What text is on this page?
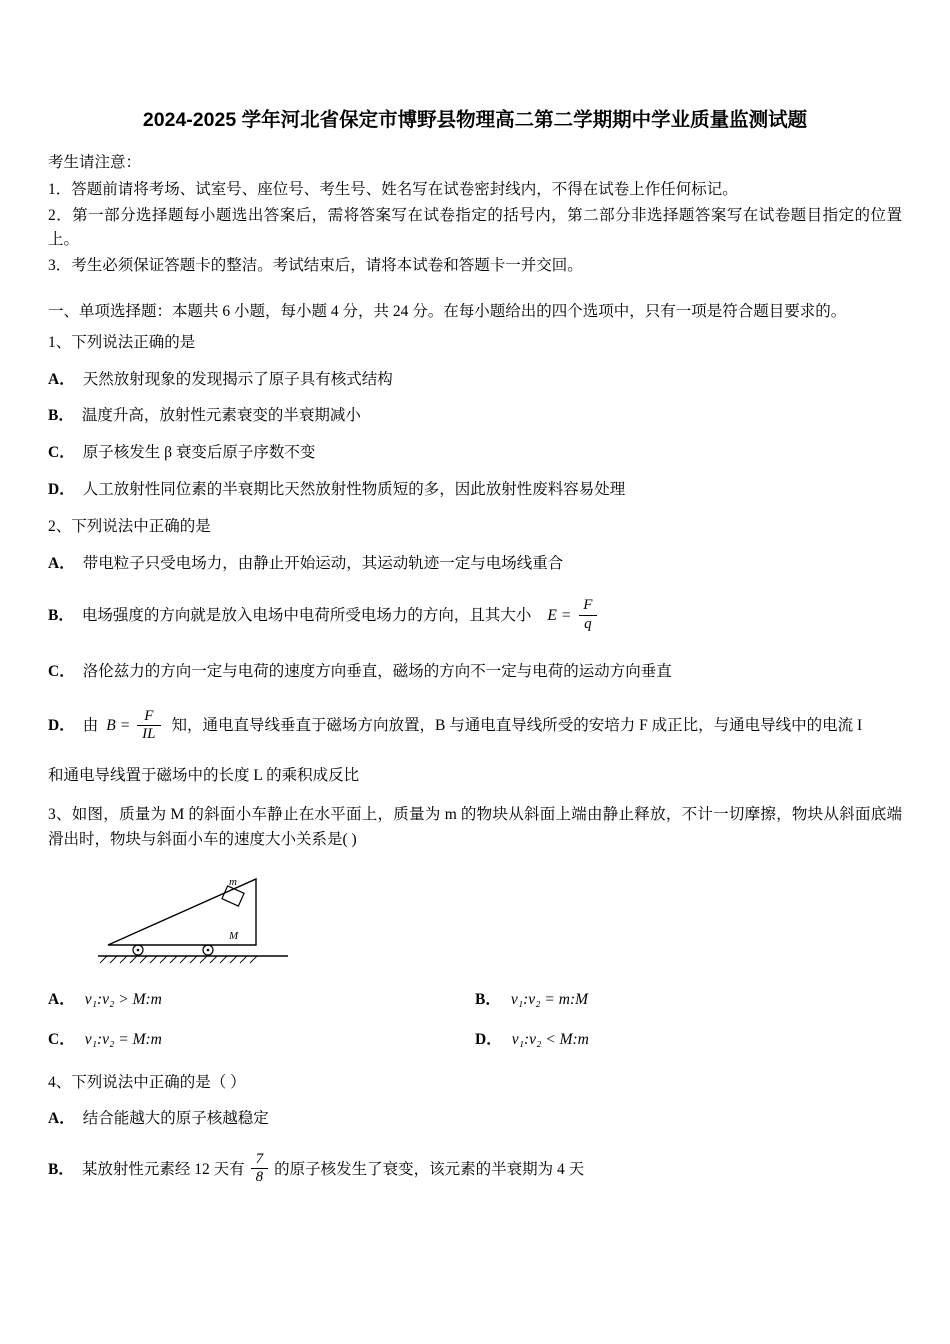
2024-2025 学年河北省保定市博野县物理高二第二学期期中学业质量监测试题
考生请注意：
1．答题前请将考场、试室号、座位号、考生号、姓名写在试卷密封线内，不得在试卷上作任何标记。
2．第一部分选择题每小题选出答案后，需将答案写在试卷指定的括号内，第二部分非选择题答案写在试卷题目指定的位置上。
3．考生必须保证答题卡的整洁。考试结束后，请将本试卷和答题卡一并交回。
一、单项选择题：本题共 6 小题，每小题 4 分，共 24 分。在每小题给出的四个选项中，只有一项是符合题目要求的。
1、下列说法正确的是
A． 天然放射现象的发现揭示了原子具有核式结构
B． 温度升高，放射性元素衰变的半衰期减小
C． 原子核发生 β 衰变后原子序数不变
D． 人工放射性同位素的半衰期比天然放射性物质短的多，因此放射性废料容易处理
2、下列说法中正确的是
A． 带电粒子只受电场力，由静止开始运动，其运动轨迹一定与电场线重合
B． 电场强度的方向就是放入电场中电荷所受电场力的方向，且其大小 $E = \frac{F}{q}$
C． 洛伦兹力的方向一定与电荷的速度方向垂直，磁场的方向不一定与电荷的运动方向垂直
D． 由 $B = \frac{F}{IL}$ 知，通电直导线垂直于磁场方向放置，B 与通电直导线所受的安培力 F 成正比，与通电导线中的电流 I
和通电导线置于磁场中的长度 L 的乘积成反比
3、如图，质量为 M 的斜面小车静止在水平面上，质量为 m 的物块从斜面上端由静止释放，不计一切摩擦，物块从斜面底端滑出时，物块与斜面小车的速度大小关系是( )
m
M
A． v₁:v₂ > M:m	B． v₁:v₂ = m:M
C． v₁:v₂ = M:m	D． v₁:v₂ < M:m
4、下列说法中正确的是（ ）
A． 结合能越大的原子核越稳定
B． 某放射性元素经 12 天有 $\frac{7}{8}$ 的原子核发生了衰变，该元素的半衰期为 4 天
